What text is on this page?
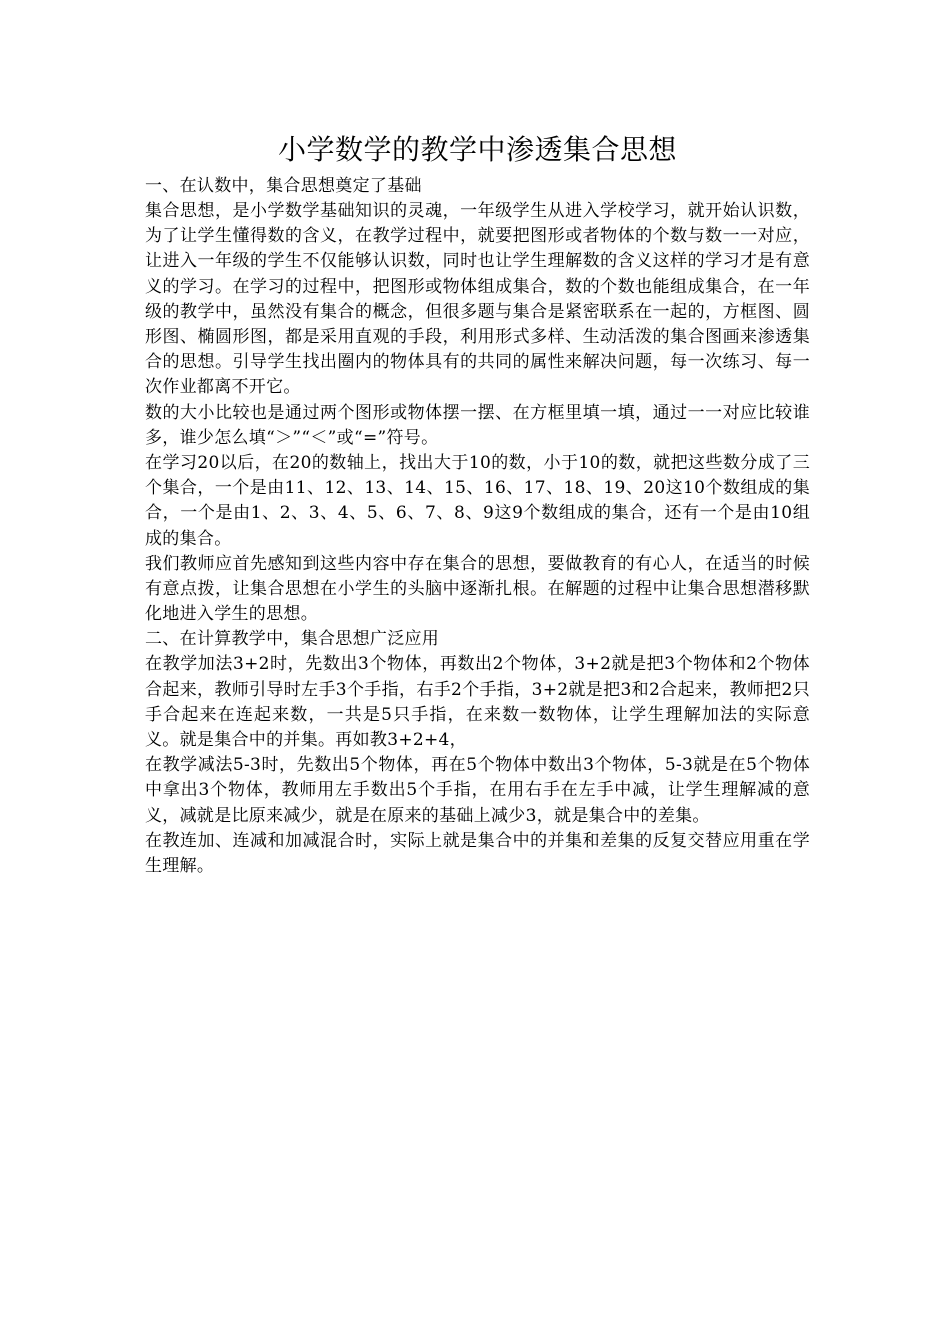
小学数学的教学中渗透集合思想

一、在认数中，集合思想奠定了基础

集合思想，是小学数学基础知识的灵魂，一年级学生从进入学校学习，就开始认识数，为了让学生懂得数的含义，在教学过程中，就要把图形或者物体的个数与数一一对应，让进入一年级的学生不仅能够认识数，同时也让学生理解数的含义这样的学习才是有意义的学习。在学习的过程中，把图形或物体组成集合，数的个数也能组成集合，在一年级的教学中，虽然没有集合的概念，但很多题与集合是紧密联系在一起的，方框图、圆形图、椭圆形图，都是采用直观的手段，利用形式多样、生动活泼的集合图画来渗透集合的思想。引导学生找出圈内的物体具有的共同的属性来解决问题，每一次练习、每一次作业都离不开它。

数的大小比较也是通过两个图形或物体摆一摆、在方框里填一填，通过一一对应比较谁多，谁少怎么填“＞”“＜”或“=”符号。

在学习20以后，在20的数轴上，找出大于10的数，小于10的数，就把这些数分成了三个集合，一个是由11、12、13、14、15、16、17、18、19、20这10个数组成的集合，一个是由1、2、3、4、5、6、7、8、9这9个数组成的集合，还有一个是由10组成的集合。

我们教师应首先感知到这些内容中存在集合的思想，要做教育的有心人，在适当的时候有意点拨，让集合思想在小学生的头脑中逐渐扎根。在解题的过程中让集合思想潜移默化地进入学生的思想。

二、在计算教学中，集合思想广泛应用

在教学加法3+2时，先数出3个物体，再数出2个物体，3+2就是把3个物体和2个物体合起来，教师引导时左手3个手指，右手2个手指，3+2就是把3和2合起来，教师把2只手合起来在连起来数，一共是5只手指，在来数一数物体，让学生理解加法的实际意义。就是集合中的并集。再如教3+2+4，

在教学减法5-3时，先数出5个物体，再在5个物体中数出3个物体，5-3就是在5个物体中拿出3个物体，教师用左手数出5个手指，在用右手在左手中减，让学生理解减的意义，减就是比原来减少，就是在原来的基础上减少3，就是集合中的差集。

在教连加、连减和加减混合时，实际上就是集合中的并集和差集的反复交替应用重在学生理解。
